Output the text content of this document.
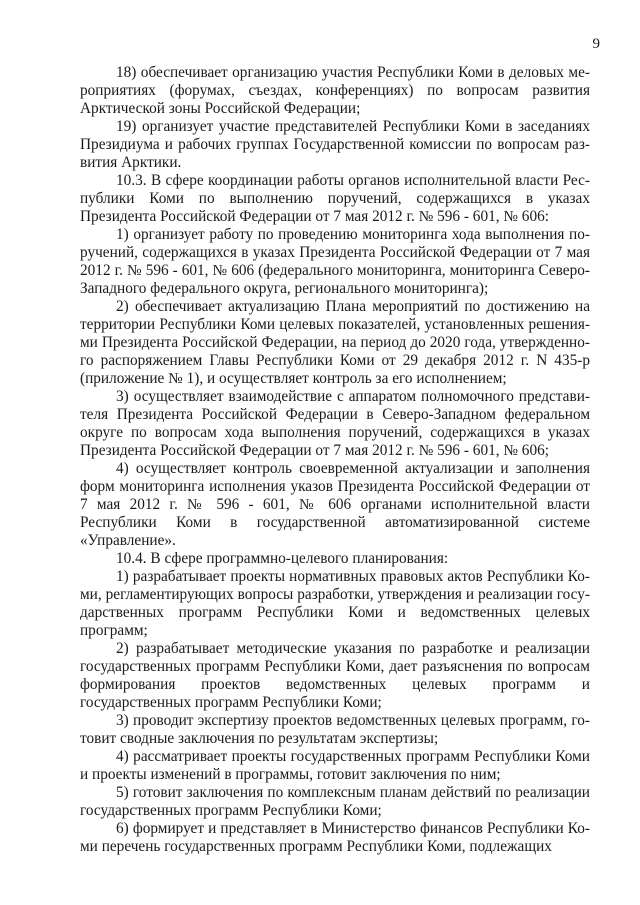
9

18) обеспечивает организацию участия Республики Коми в деловых мероприятиях (форумах, съездах, конференциях) по вопросам развития Арктической зоны Российской Федерации;

19) организует участие представителей Республики Коми в заседаниях Президиума и рабочих группах Государственной комиссии по вопросам развития Арктики.

10.3. В сфере координации работы органов исполнительной власти Республики Коми по выполнению поручений, содержащихся в указах Президента Российской Федерации от 7 мая 2012 г. № 596 - 601, № 606:

1) организует работу по проведению мониторинга хода выполнения поручений, содержащихся в указах Президента Российской Федерации от 7 мая 2012 г. № 596 - 601, № 606 (федерального мониторинга, мониторинга Северо-Западного федерального округа, регионального мониторинга);

2) обеспечивает актуализацию Плана мероприятий по достижению на территории Республики Коми целевых показателей, установленных решениями Президента Российской Федерации, на период до 2020 года, утвержденного распоряжением Главы Республики Коми от 29 декабря 2012 г. N 435-р (приложение № 1), и осуществляет контроль за его исполнением;

3) осуществляет взаимодействие с аппаратом полномочного представителя Президента Российской Федерации в Северо-Западном федеральном округе по вопросам хода выполнения поручений, содержащихся в указах Президента Российской Федерации от 7 мая 2012 г. № 596 - 601, № 606;

4) осуществляет контроль своевременной актуализации и заполнения форм мониторинга исполнения указов Президента Российской Федерации от 7 мая 2012 г. № 596 - 601, № 606 органами исполнительной власти Республики Коми в государственной автоматизированной системе «Управление».

10.4. В сфере программно-целевого планирования:

1) разрабатывает проекты нормативных правовых актов Республики Коми, регламентирующих вопросы разработки, утверждения и реализации государственных программ Республики Коми и ведомственных целевых программ;

2) разрабатывает методические указания по разработке и реализации государственных программ Республики Коми, дает разъяснения по вопросам формирования проектов ведомственных целевых программ и государственных программ Республики Коми;

3) проводит экспертизу проектов ведомственных целевых программ, готовит сводные заключения по результатам экспертизы;

4) рассматривает проекты государственных программ Республики Коми и проекты изменений в программы, готовит заключения по ним;

5) готовит заключения по комплексным планам действий по реализации государственных программ Республики Коми;

6) формирует и представляет в Министерство финансов Республики Коми перечень государственных программ Республики Коми, подлежащих
